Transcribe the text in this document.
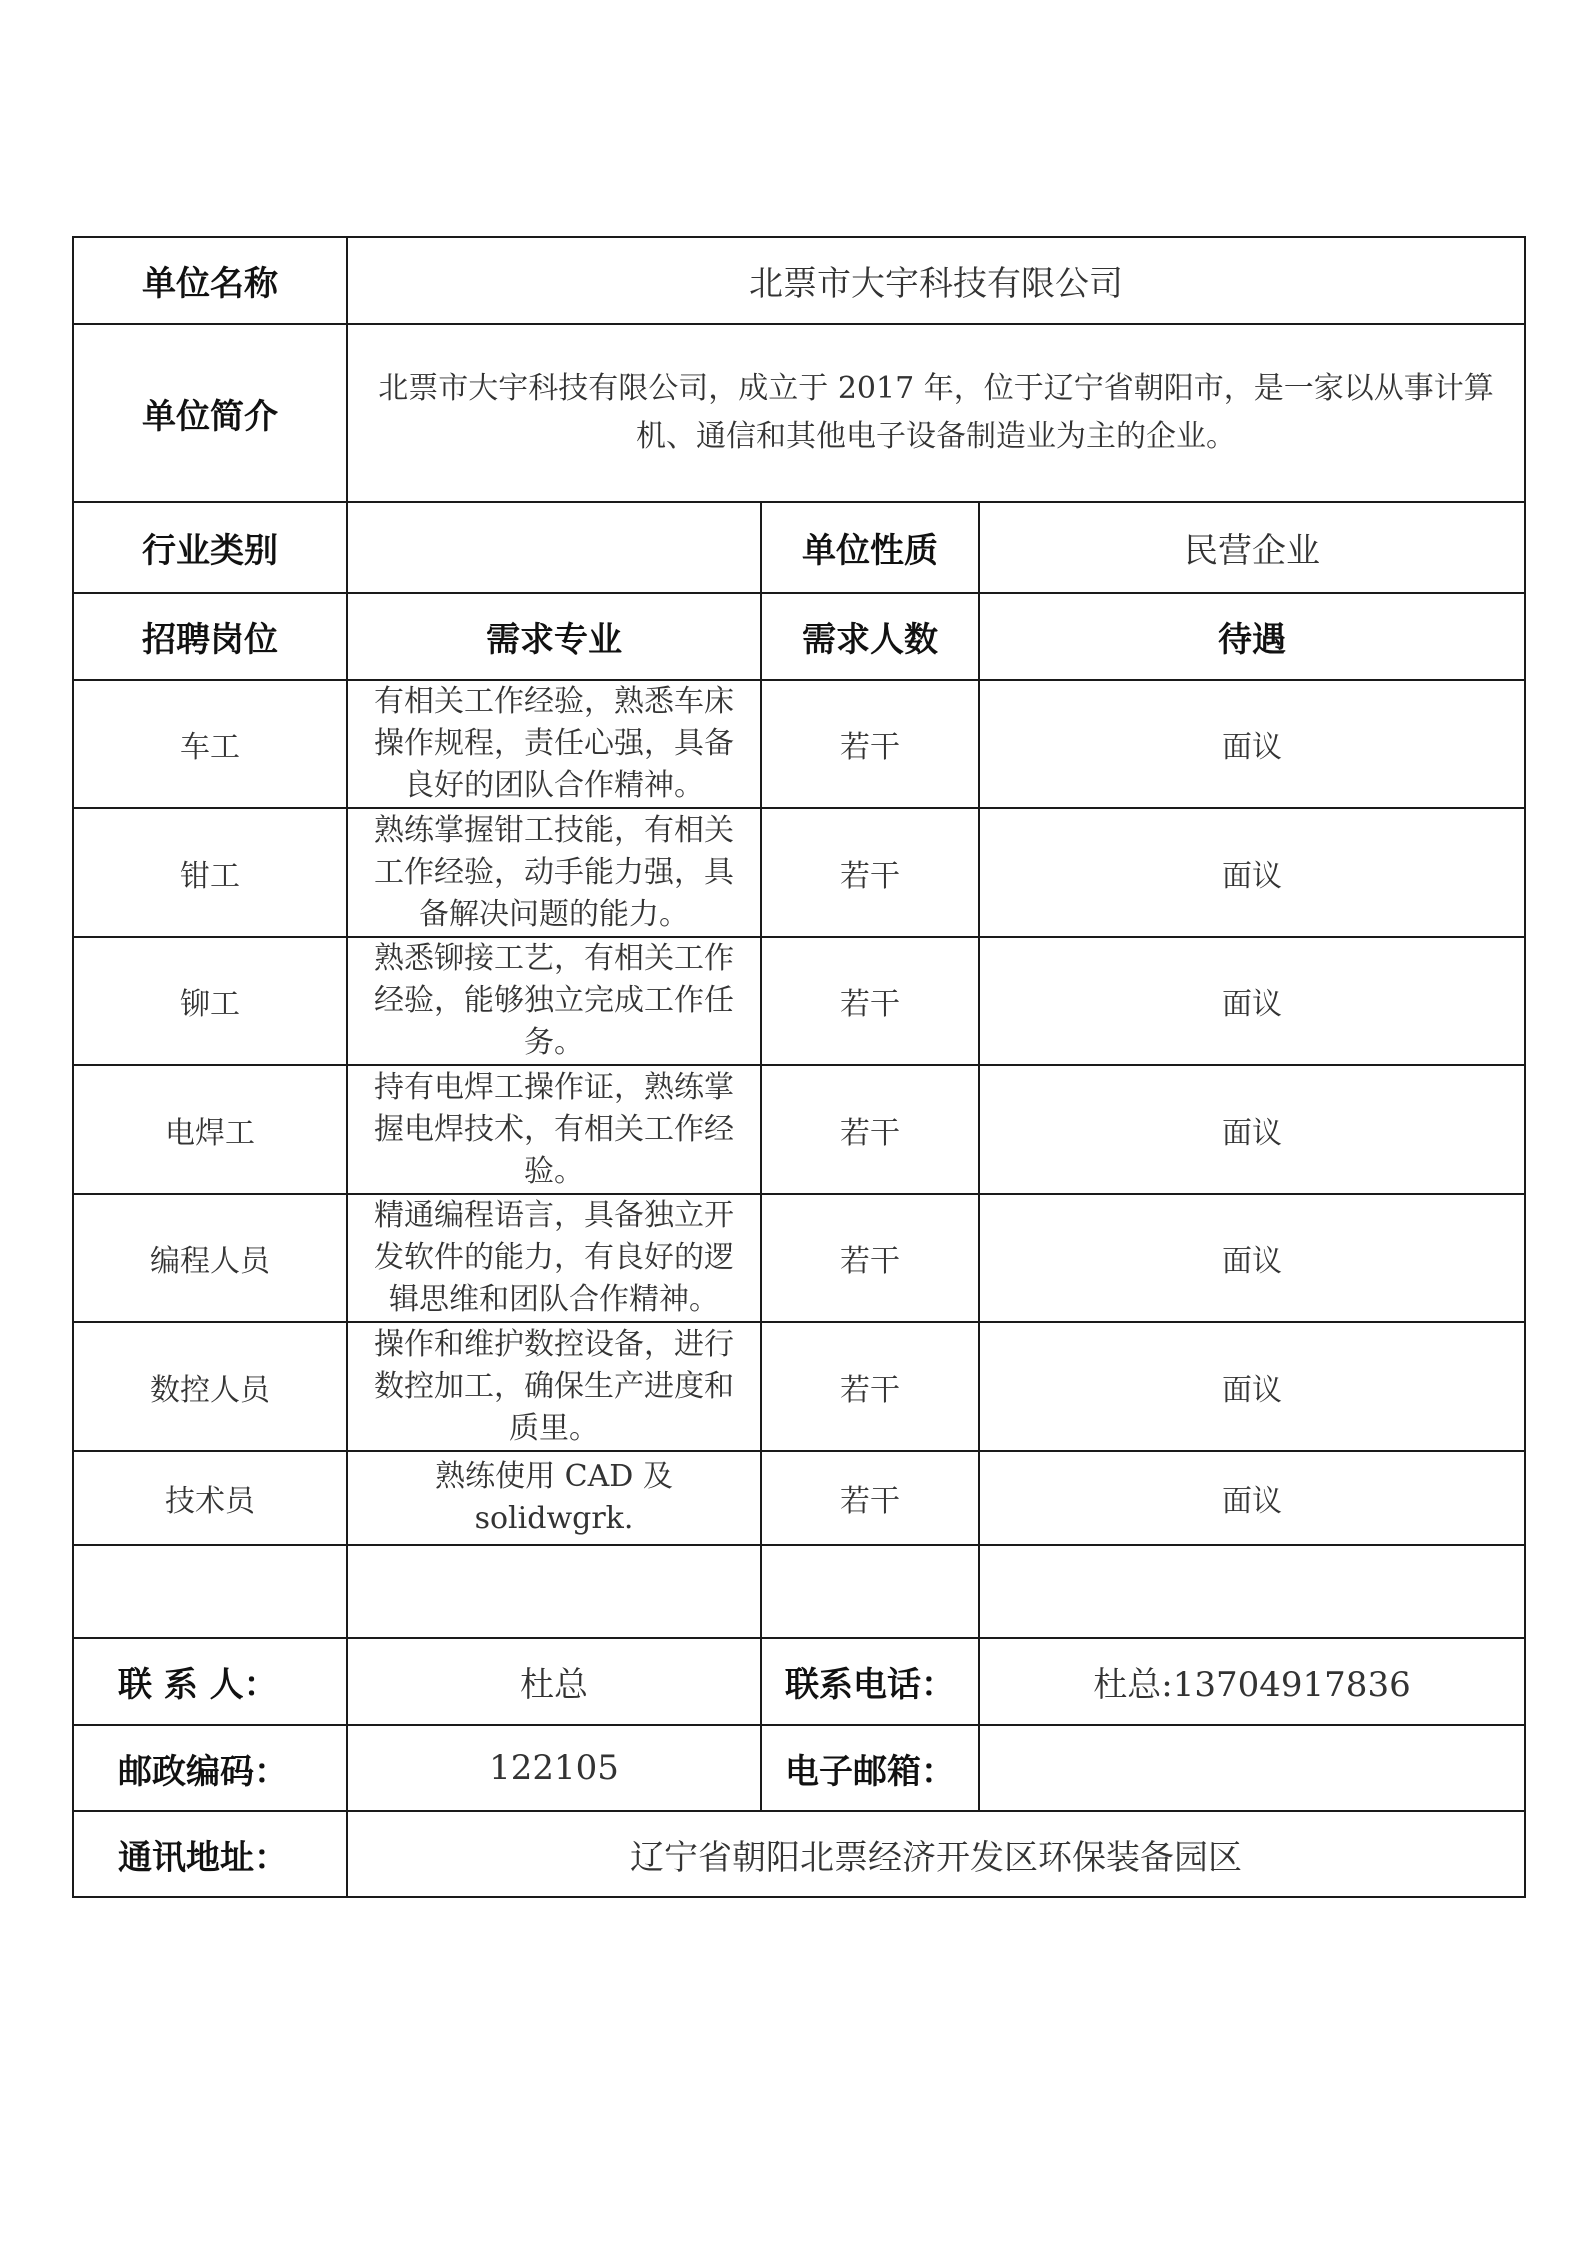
单位名称	北票市大宇科技有限公司		
单位简介	北票市大宇科技有限公司，成立于 2017 年，位于辽宁省朝阳市，是一家以从事计算机、通信和其他电子设备制造业为主的企业。		
行业类别		单位性质	民营企业
招聘岗位	需求专业	需求人数	待遇
车工	有相关工作经验，熟悉车床操作规程，责任心强，具备良好的团队合作精神。	若干	面议
钳工	熟练掌握钳工技能，有相关工作经验，动手能力强，具备解决问题的能力。	若干	面议
铆工	熟悉铆接工艺，有相关工作经验，能够独立完成工作任务。	若干	面议
电焊工	持有电焊工操作证，熟练掌握电焊技术，有相关工作经验。	若干	面议
编程人员	精通编程语言，具备独立开发软件的能力，有良好的逻辑思维和团队合作精神。	若干	面议
数控人员	操作和维护数控设备，进行数控加工，确保生产进度和质里。	若干	面议
技术员	熟练使用 CAD 及 solidwgrk.	若干	面议

联 系 人：	杜总	联系电话：	杜总:13704917836
邮政编码：	122105	电子邮箱：	
通讯地址：	辽宁省朝阳北票经济开发区环保装备园区		
